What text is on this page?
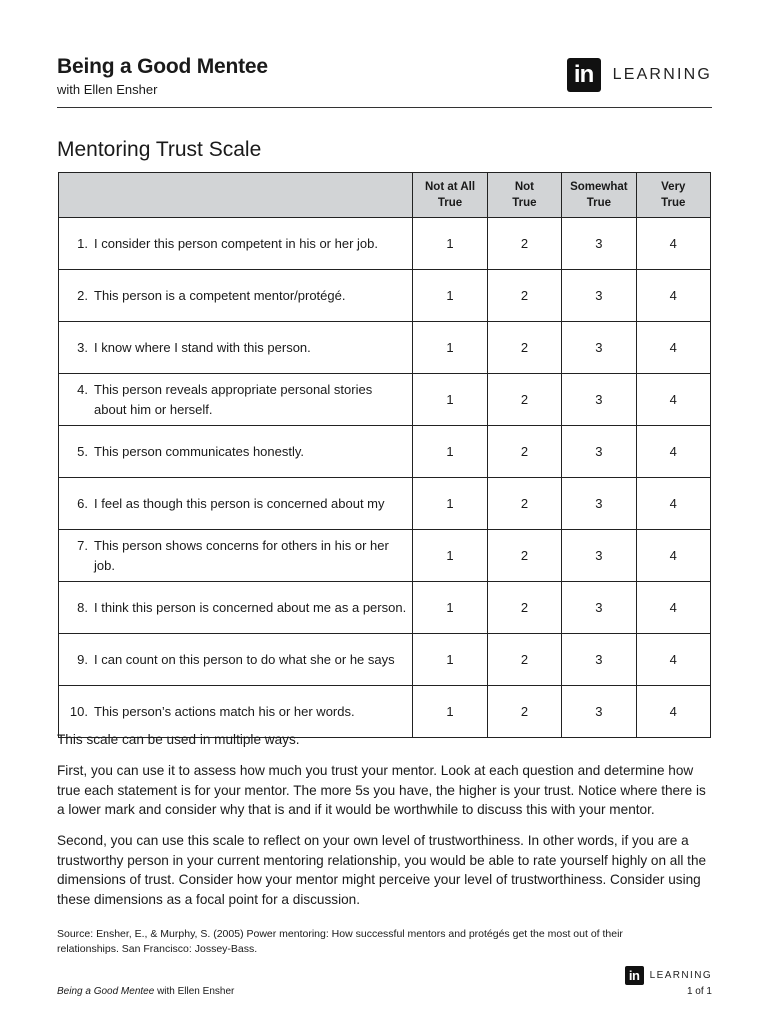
Being a Good Mentee
with Ellen Ensher
in	LEARNING
Mentoring Trust Scale
	Not at All True	Not True	Somewhat True	Very True

1. I consider this person competent in his or her job.	1	2	3	4

2. This person is a competent mentor/protégé.	1	2	3	4

3. I know where I stand with this person.	1	2	3	4

4. This person reveals appropriate personal stories about him or herself.	1	2	3	4

5. This person communicates honestly.	1	2	3	4

6. I feel as though this person is concerned about my	1	2	3	4

7. This person shows concerns for others in his or her job.	1	2	3	4

8. I think this person is concerned about me as a person.	1	2	3	4

9. I can count on this person to do what she or he says	1	2	3	4

10. This person’s actions match his or her words.	1	2	3	4

This scale can be used in multiple ways.

First, you can use it to assess how much you trust your mentor. Look at each question and determine how true each statement is for your mentor. The more 5s you have, the higher is your trust. Notice where there is a lower mark and consider why that is and if it would be worthwhile to discuss this with your mentor.

Second, you can use this scale to reflect on your own level of trustworthiness. In other words, if you are a trustworthy person in your current mentoring relationship, you would be able to rate yourself highly on all the dimensions of trust. Consider how your mentor might perceive your level of trustworthiness. Consider using these dimensions as a focal point for a discussion.

Source: Ensher, E., & Murphy, S. (2005) Power mentoring: How successful mentors and protégés get the most out of their relationships. San Francisco: Jossey-Bass.

in	LEARNING
Being a Good Mentee with Ellen Ensher	1 of 1
